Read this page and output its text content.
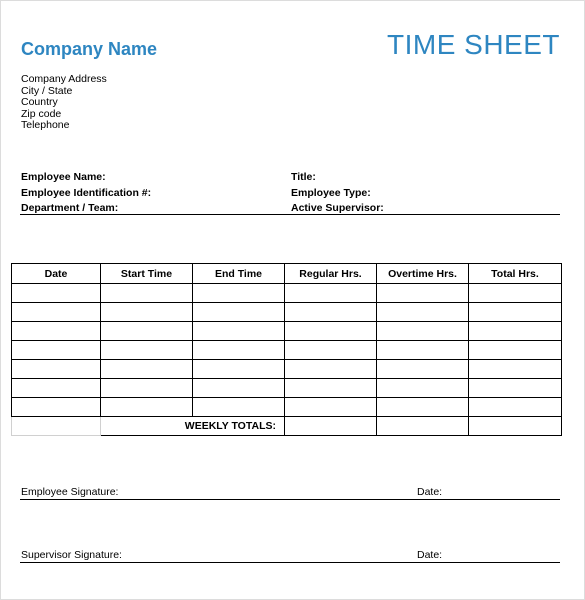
Company Name	TIME SHEET
Company Address
City / State
Country
Zip code
Telephone
Employee Name:
Employee Identification #:
Department / Team:
Title:
Employee Type:
Active Supervisor:
Date	Start Time	End Time	Regular Hrs.	Overtime Hrs.	Total Hrs.

	WEEKLY TOTALS:				
Employee Signature:	Date:
Supervisor Signature:	Date:
